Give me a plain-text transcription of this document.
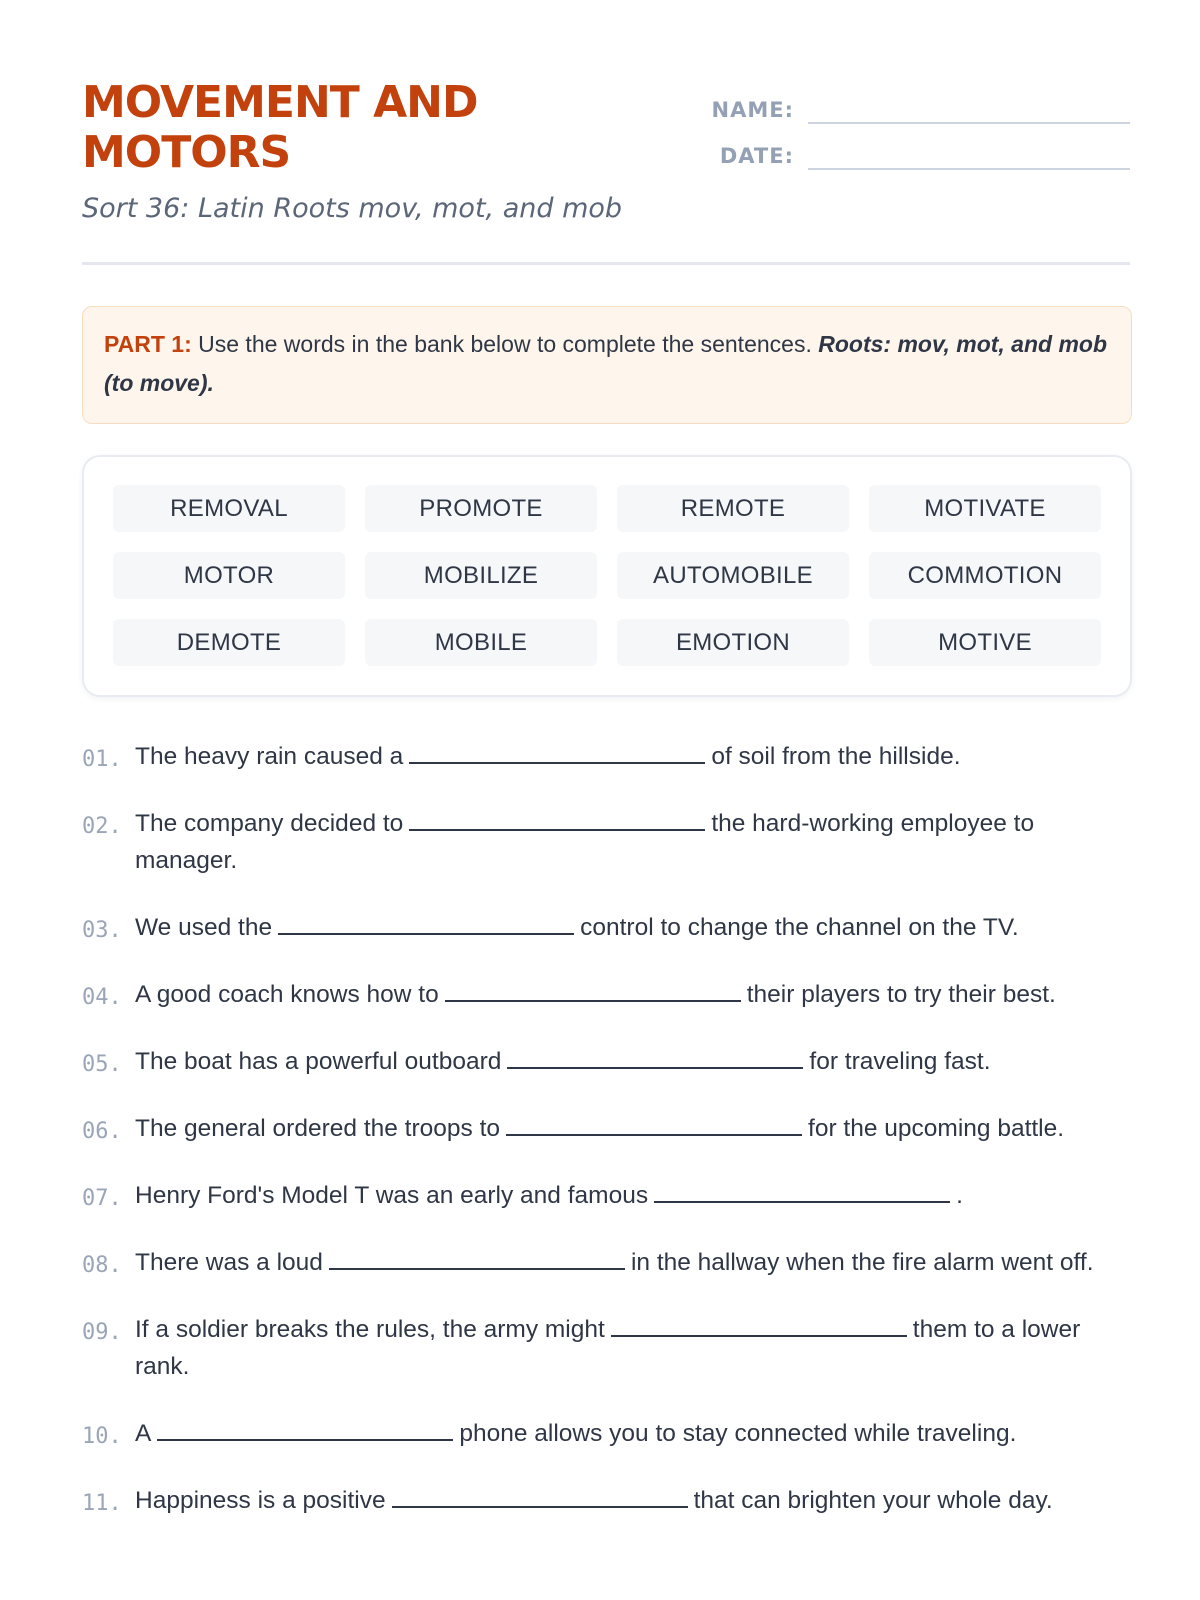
MOVEMENT AND MOTORS

Sort 36: Latin Roots mov, mot, and mob

NAME:
DATE:
PART 1: Use the words in the bank below to complete the sentences. Roots: mov, mot, and mob (to move).
REMOVAL	PROMOTE	REMOTE	MOTIVATE
MOTOR	MOBILIZE	AUTOMOBILE	COMMOTION
DEMOTE	MOBILE	EMOTION	MOTIVE
01. The heavy rain caused a	of soil from the hillside.
02. The company decided to	the hard-working employee to manager.
03. We used the	control to change the channel on the TV.
04. A good coach knows how to	their players to try their best.
05. The boat has a powerful outboard	for traveling fast.
06. The general ordered the troops to	for the upcoming battle.
07. Henry Ford's Model T was an early and famous	.
08. There was a loud	in the hallway when the fire alarm went off.
09. If a soldier breaks the rules, the army might	them to a lower rank.
10. A	phone allows you to stay connected while traveling.
11. Happiness is a positive	that can brighten your whole day.
